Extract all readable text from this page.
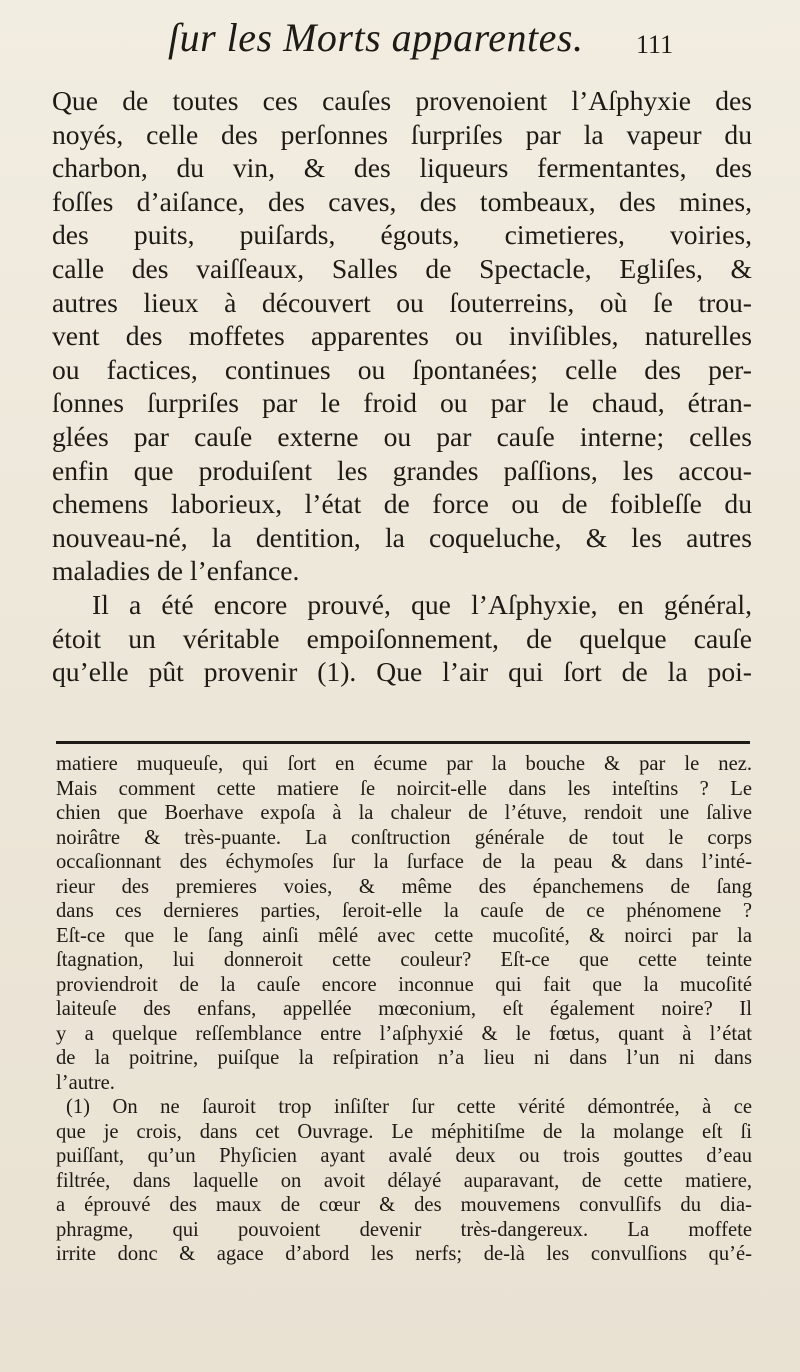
ſur les Morts apparentes. 111
Que de toutes ces cauſes provenoient l’Aſphyxie des
noyés, celle des perſonnes ſurpriſes par la vapeur du
charbon, du vin, & des liqueurs fermentantes, des
foſſes d’aiſance, des caves, des tombeaux, des mines,
des puits, puiſards, égouts, cimetieres, voiries,
calle des vaiſſeaux, Salles de Spectacle, Egliſes, &
autres lieux à découvert ou ſouterreins, où ſe trou-
vent des moffetes apparentes ou inviſibles, naturelles
ou factices, continues ou ſpontanées; celle des per-
ſonnes ſurpriſes par le froid ou par le chaud, étran-
glées par cauſe externe ou par cauſe interne; celles
enfin que produiſent les grandes paſſions, les accou-
chemens laborieux, l’état de force ou de foibleſſe du
nouveau-né, la dentition, la coqueluche, & les autres
maladies de l’enfance.
Il a été encore prouvé, que l’Aſphyxie, en général,
étoit un véritable empoiſonnement, de quelque cauſe
qu’elle pût provenir (1). Que l’air qui ſort de la poi-
matiere muqueuſe, qui ſort en écume par la bouche & par le nez.
Mais comment cette matiere ſe noircit-elle dans les inteſtins ? Le
chien que Boerhave expoſa à la chaleur de l’étuve, rendoit une ſalive
noirâtre & très-puante. La conſtruction générale de tout le corps
occaſionnant des échymoſes ſur la ſurface de la peau & dans l’inté-
rieur des premieres voies, & même des épanchemens de ſang
dans ces dernieres parties, ſeroit-elle la cauſe de ce phénomene ?
Eſt-ce que le ſang ainſi mêlé avec cette mucoſité, & noirci par la
ſtagnation, lui donneroit cette couleur? Eſt-ce que cette teinte
proviendroit de la cauſe encore inconnue qui fait que la mucoſité
laiteuſe des enfans, appellée mœconium, eſt également noire? Il
y a quelque reſſemblance entre l’aſphyxié & le fœtus, quant à l’état
de la poitrine, puiſque la reſpiration n’a lieu ni dans l’un ni dans
l’autre.
(1) On ne ſauroit trop inſiſter ſur cette vérité démontrée, à ce
que je crois, dans cet Ouvrage. Le méphitiſme de la molange eſt ſi
puiſſant, qu’un Phyſicien ayant avalé deux ou trois gouttes d’eau
filtrée, dans laquelle on avoit délayé auparavant, de cette matiere,
a éprouvé des maux de cœur & des mouvemens convulſifs du dia-
phragme, qui pouvoient devenir très-dangereux. La moffete
irrite donc & agace d’abord les nerfs; de-là les convulſions qu’é-
